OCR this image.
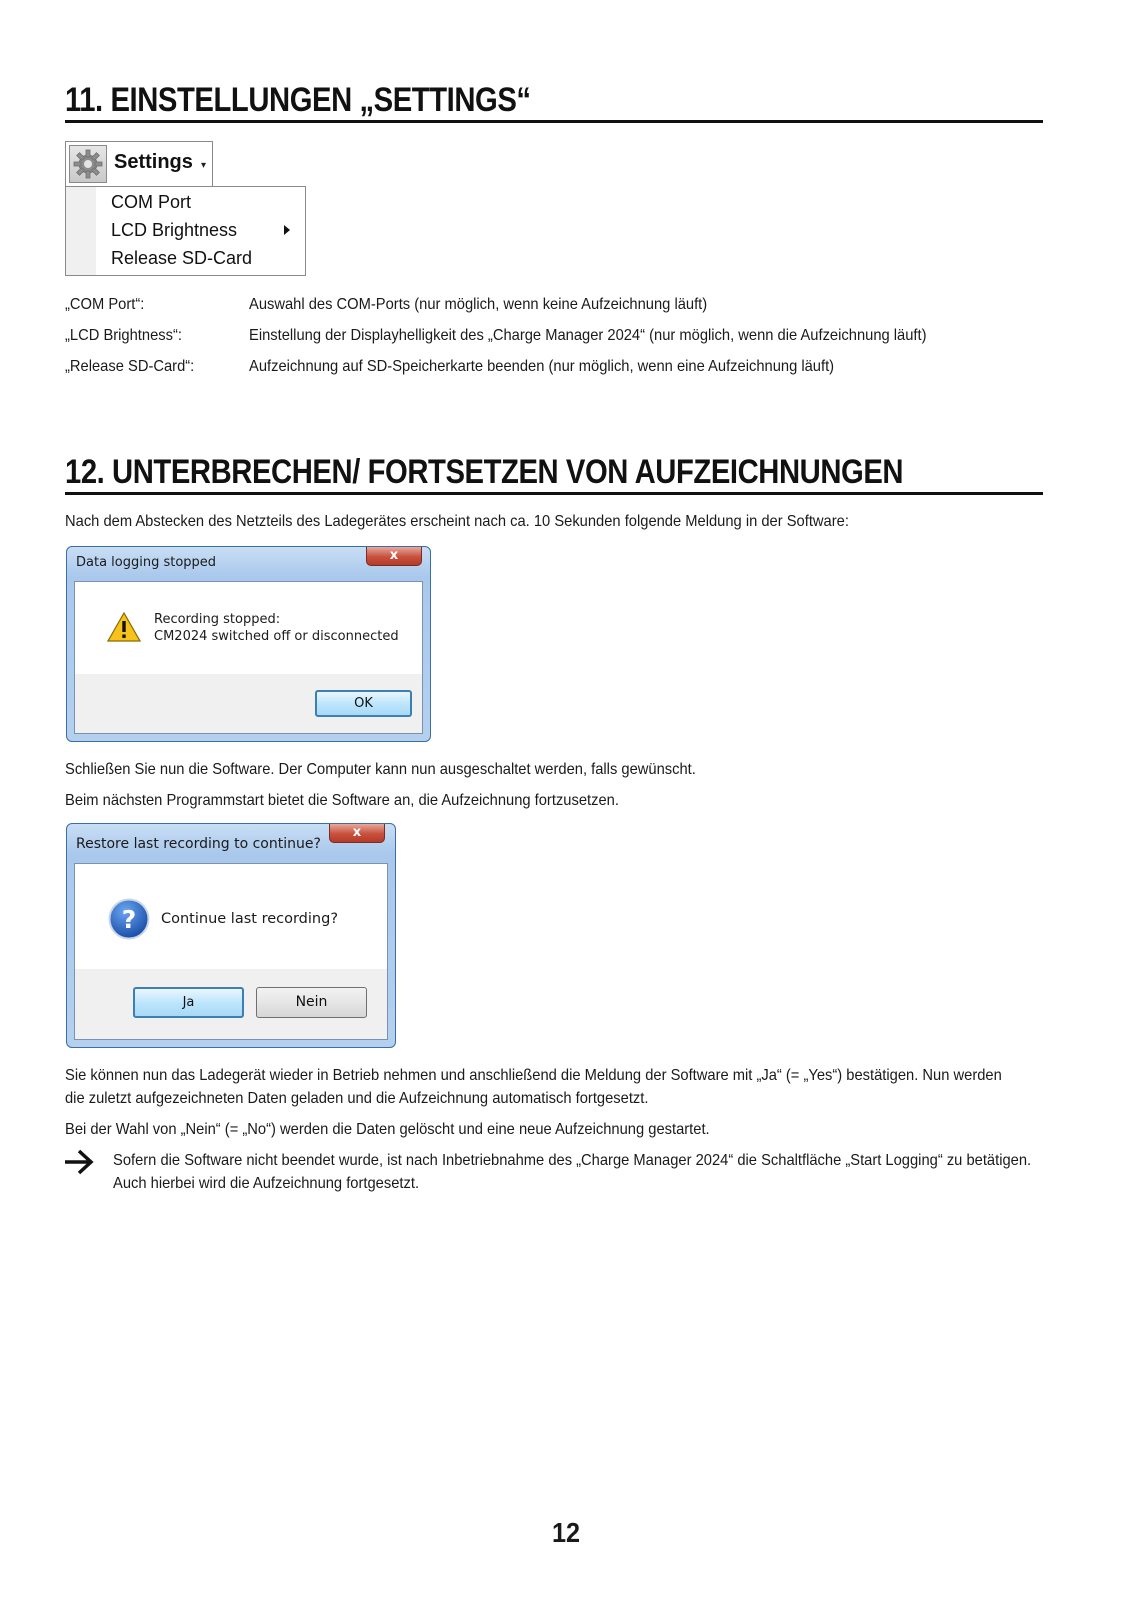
11. EINSTELLUNGEN „SETTINGS“
Settings ▾
COM Port
LCD Brightness
Release SD-Card
„COM Port“:	Auswahl des COM-Ports (nur möglich, wenn keine Aufzeichnung läuft)
„LCD Brightness“:	Einstellung der Displayhelligkeit des „Charge Manager 2024“ (nur möglich, wenn die Aufzeichnung läuft)
„Release SD-Card“:	Aufzeichnung auf SD-Speicherkarte beenden (nur möglich, wenn eine Aufzeichnung läuft)
12. UNTERBRECHEN/ FORTSETZEN VON AUFZEICHNUNGEN
Nach dem Abstecken des Netzteils des Ladegerätes erscheint nach ca. 10 Sekunden folgende Meldung in der Software:
Data logging stopped	x
Recording stopped:
CM2024 switched off or disconnected
OK
Schließen Sie nun die Software. Der Computer kann nun ausgeschaltet werden, falls gewünscht.
Beim nächsten Programmstart bietet die Software an, die Aufzeichnung fortzusetzen.
Restore last recording to continue?
x
? Continue last recording?
Ja	Nein
Sie können nun das Ladegerät wieder in Betrieb nehmen und anschließend die Meldung der Software mit „Ja“ (= „Yes“) bestätigen. Nun werden die zuletzt aufgezeichneten Daten geladen und die Aufzeichnung automatisch fortgesetzt.
Bei der Wahl von „Nein“ (= „No“) werden die Daten gelöscht und eine neue Aufzeichnung gestartet.
Sofern die Software nicht beendet wurde, ist nach Inbetriebnahme des „Charge Manager 2024“ die Schaltfläche „Start Logging“ zu betätigen. Auch hierbei wird die Aufzeichnung fortgesetzt.
12
